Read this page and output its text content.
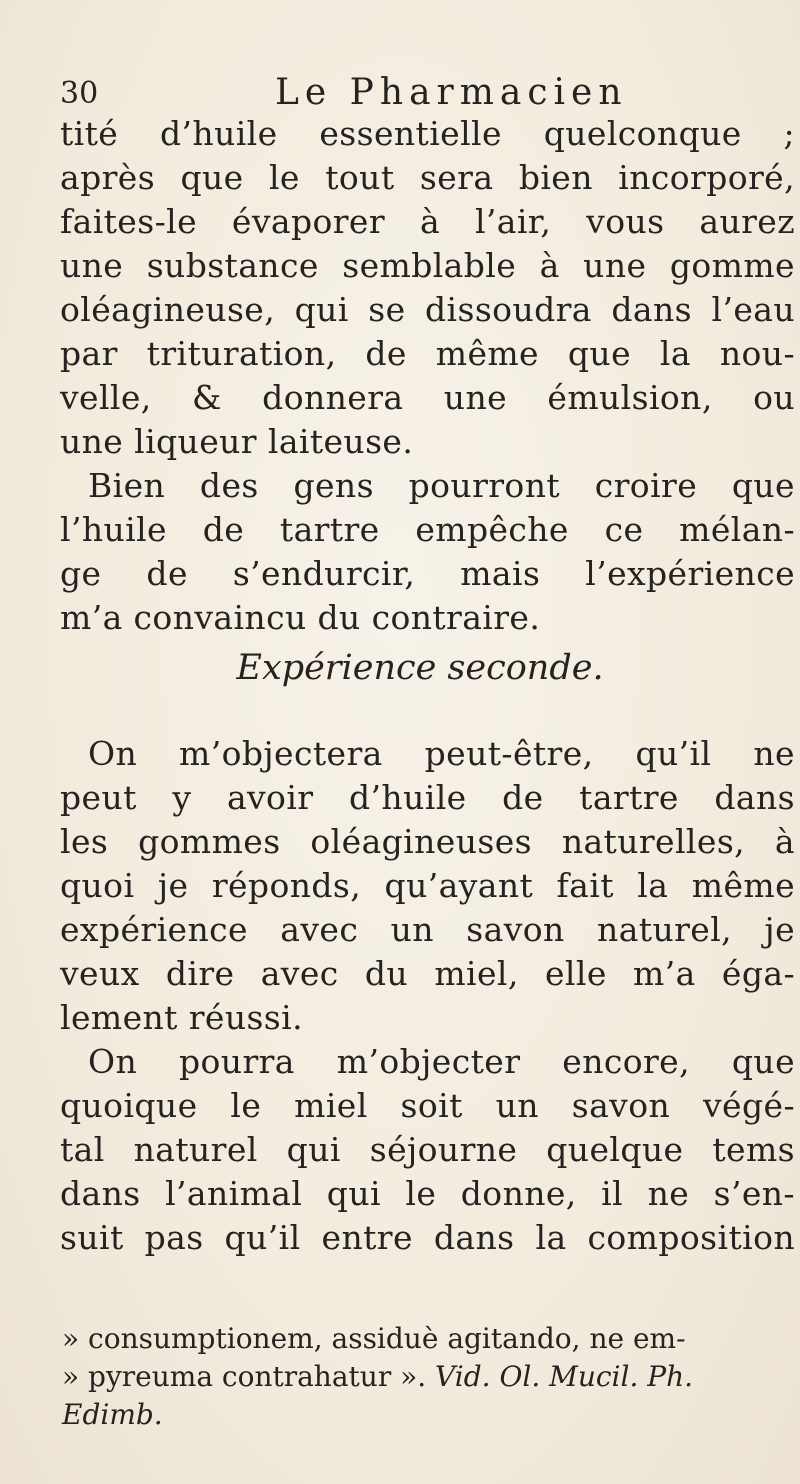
30	Le Pharmacien
tité d’huile essentielle quelconque ;
après que le tout sera bien incorporé,
faites-le évaporer à l’air, vous aurez
une substance semblable à une gomme
oléagineuse, qui se dissoudra dans l’eau
par trituration, de même que la nou-
velle, & donnera une émulsion, ou
une liqueur laiteuse.
Bien des gens pourront croire que
l’huile de tartre empêche ce mélan-
ge de s’endurcir, mais l’expérience
m’a convaincu du contraire.
Expérience seconde.
On m’objectera peut-être, qu’il ne
peut y avoir d’huile de tartre dans
les gommes oléagineuses naturelles, à
quoi je réponds, qu’ayant fait la même
expérience avec un savon naturel, je
veux dire avec du miel, elle m’a éga-
lement réussi.
On pourra m’objecter encore, que
quoique le miel soit un savon végé-
tal naturel qui séjourne quelque tems
dans l’animal qui le donne, il ne s’en-
suit pas qu’il entre dans la composition
» consumptionem, assiduè agitando, ne em-
» pyreuma contrahatur ». Vid. Ol. Mucil. Ph.
Edimb.
